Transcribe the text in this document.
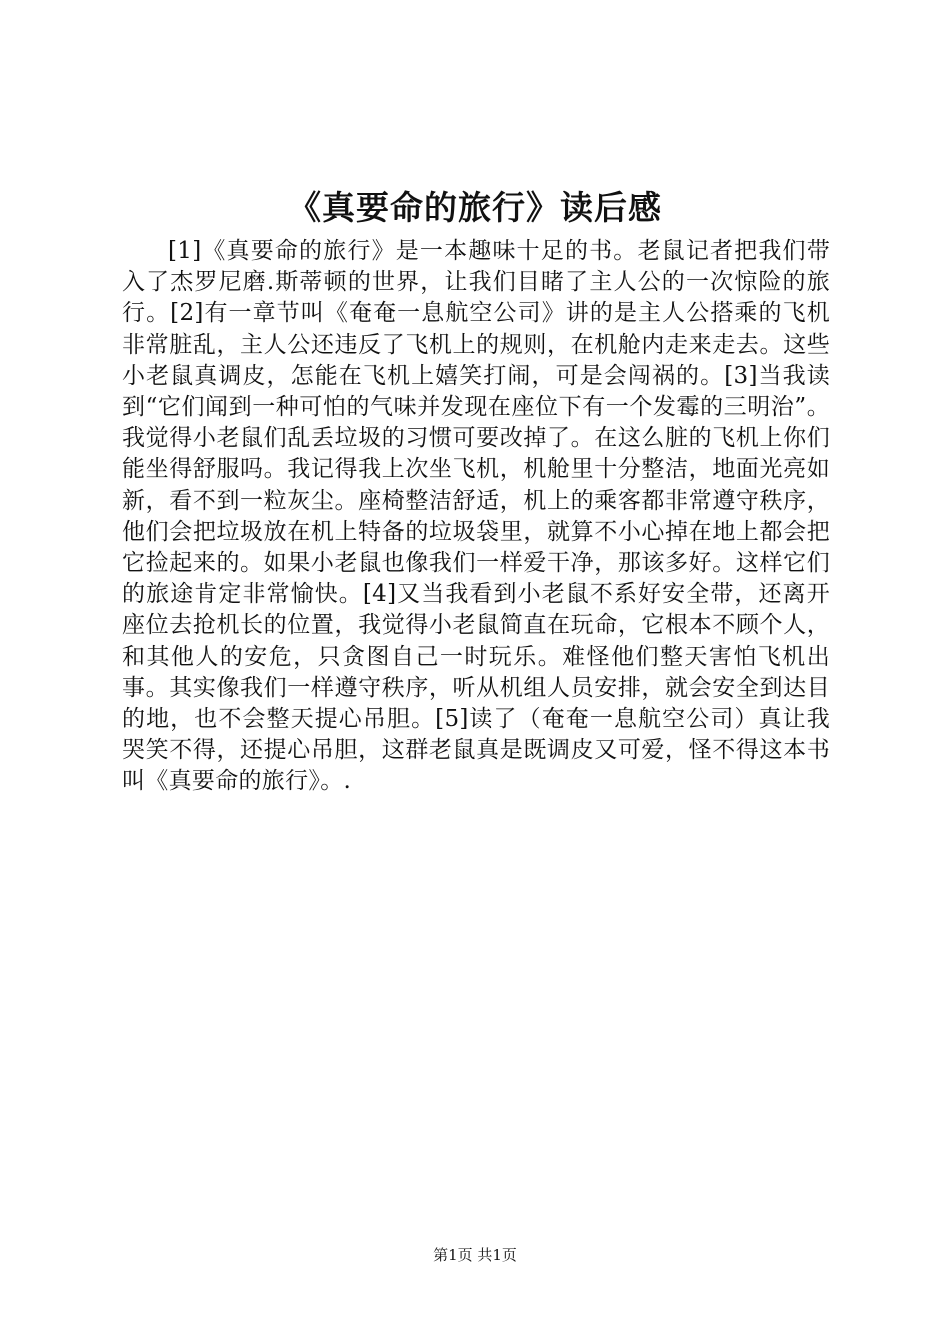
《真要命的旅行》读后感

[1]《真要命的旅行》是一本趣味十足的书。老鼠记者把我们带入了杰罗尼磨.斯蒂顿的世界，让我们目睹了主人公的一次惊险的旅行。[2]有一章节叫《奄奄一息航空公司》讲的是主人公搭乘的飞机非常脏乱，主人公还违反了飞机上的规则，在机舱内走来走去。这些小老鼠真调皮，怎能在飞机上嬉笑打闹，可是会闯祸的。[3]当我读到“它们闻到一种可怕的气味并发现在座位下有一个发霉的三明治”。我觉得小老鼠们乱丢垃圾的习惯可要改掉了。在这么脏的飞机上你们能坐得舒服吗。我记得我上次坐飞机，机舱里十分整洁，地面光亮如新，看不到一粒灰尘。座椅整洁舒适，机上的乘客都非常遵守秩序，他们会把垃圾放在机上特备的垃圾袋里，就算不小心掉在地上都会把它捡起来的。如果小老鼠也像我们一样爱干净，那该多好。这样它们的旅途肯定非常愉快。[4]又当我看到小老鼠不系好安全带，还离开座位去抢机长的位置，我觉得小老鼠简直在玩命，它根本不顾个人，和其他人的安危，只贪图自己一时玩乐。难怪他们整天害怕飞机出事。其实像我们一样遵守秩序，听从机组人员安排，就会安全到达目的地，也不会整天提心吊胆。[5]读了（奄奄一息航空公司）真让我哭笑不得，还提心吊胆，这群老鼠真是既调皮又可爱，怪不得这本书叫《真要命的旅行》。.

第1页 共1页
